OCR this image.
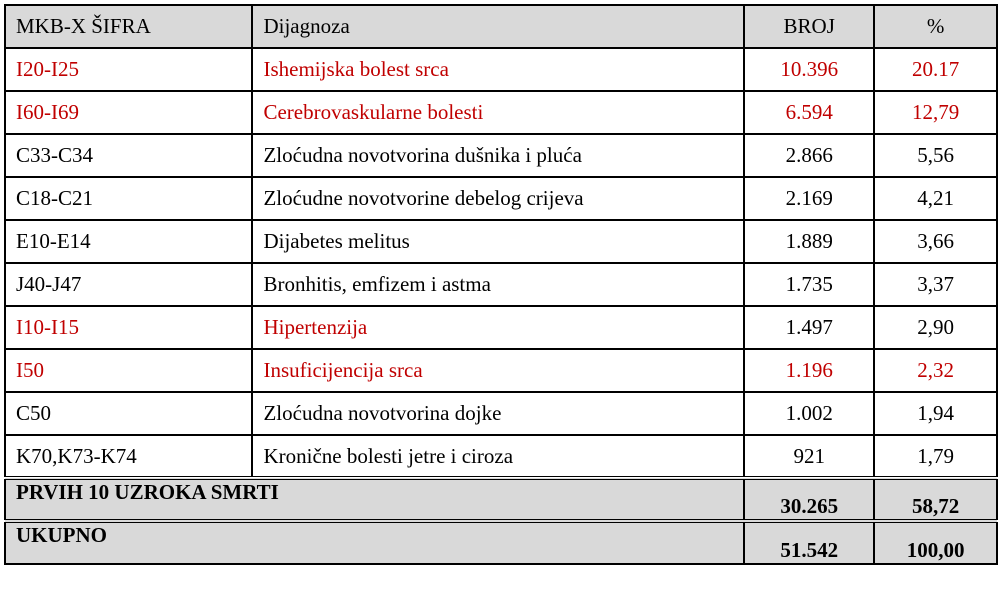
MKB-X ŠIFRA	Dijagnoza	BROJ	%
I20-I25	Ishemijska bolest srca	10.396	20.17
I60-I69	Cerebrovaskularne bolesti	6.594	12,79
C33-C34	Zloćudna novotvorina dušnika i pluća	2.866	5,56
C18-C21	Zloćudne novotvorine debelog crijeva	2.169	4,21
E10-E14	Dijabetes melitus	1.889	3,66
J40-J47	Bronhitis, emfizem i astma	1.735	3,37
I10-I15	Hipertenzija	1.497	2,90
I50	Insuficijencija srca	1.196	2,32
C50	Zloćudna novotvorina dojke	1.002	1,94
K70,K73-K74	Kronične bolesti jetre i ciroza	921	1,79
PRVIH 10 UZROKA SMRTI		30.265	58,72
UKUPNO		51.542	100,00
